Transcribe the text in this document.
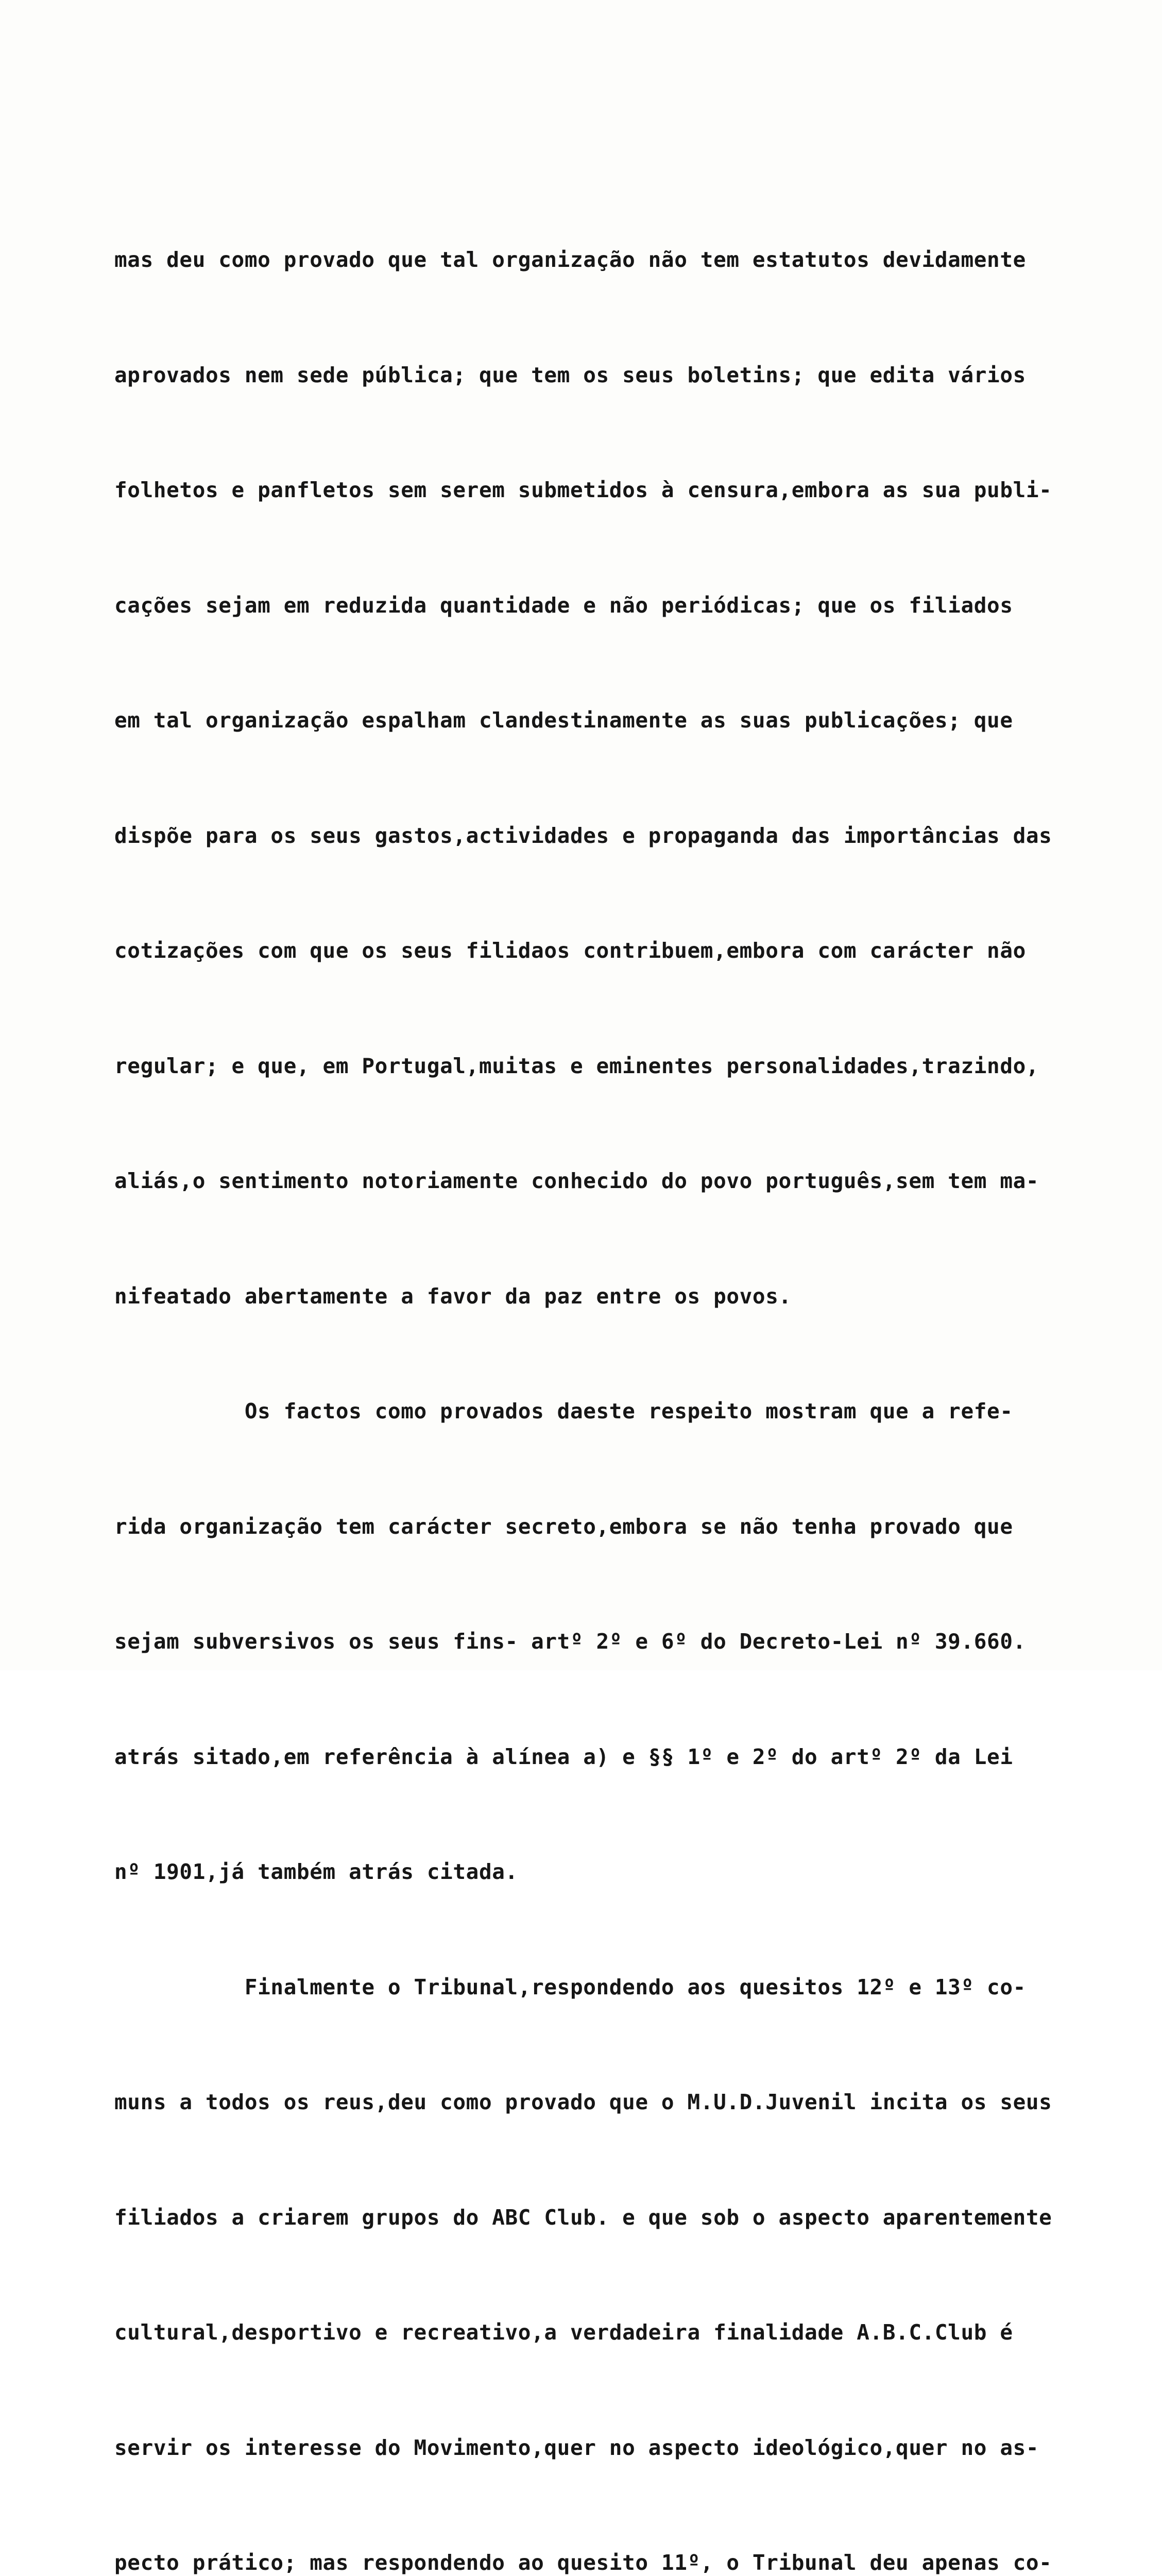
mas deu como provado que tal organização não tem estatutos devidamente

aprovados nem sede pública; que tem os seus boletins; que edita vários

folhetos e panfletos sem serem submetidos à censura,embora as sua publi-

cações sejam em reduzida quantidade e não periódicas; que os filiados

em tal organização espalham clandestinamente as suas publicações; que

dispõe para os seus gastos,actividades e propaganda das importâncias das

cotizações com que os seus filidaos contribuem,embora com carácter não

regular; e que, em Portugal,muitas e eminentes personalidades,trazindo,

aliás,o sentimento notoriamente conhecido do povo português,sem tem ma-

nifeatado abertamente a favor da paz entre os povos.

Os factos como provados daeste respeito mostram que a refe-

rida organização tem carácter secreto,embora se não tenha provado que

sejam subversivos os seus fins- artº 2º e 6º do Decreto-Lei nº 39.660.

atrás sitado,em referência à alínea a) e §§ 1º e 2º do artº 2º da Lei

nº 1901,já também atrás citada.

Finalmente o Tribunal,respondendo aos quesitos 12º e 13º co-

muns a todos os reus,deu como provado que o M.U.D.Juvenil incita os seus

filiados a criarem grupos do ABC Club. e que sob o aspecto aparentemente

cultural,desportivo e recreativo,a verdadeira finalidade A.B.C.Club é

servir os interesse do Movimento,quer no aspecto ideológico,quer no as-

pecto prático; mas respondendo ao quesito 11º, o Tribunal deu apenas co-
